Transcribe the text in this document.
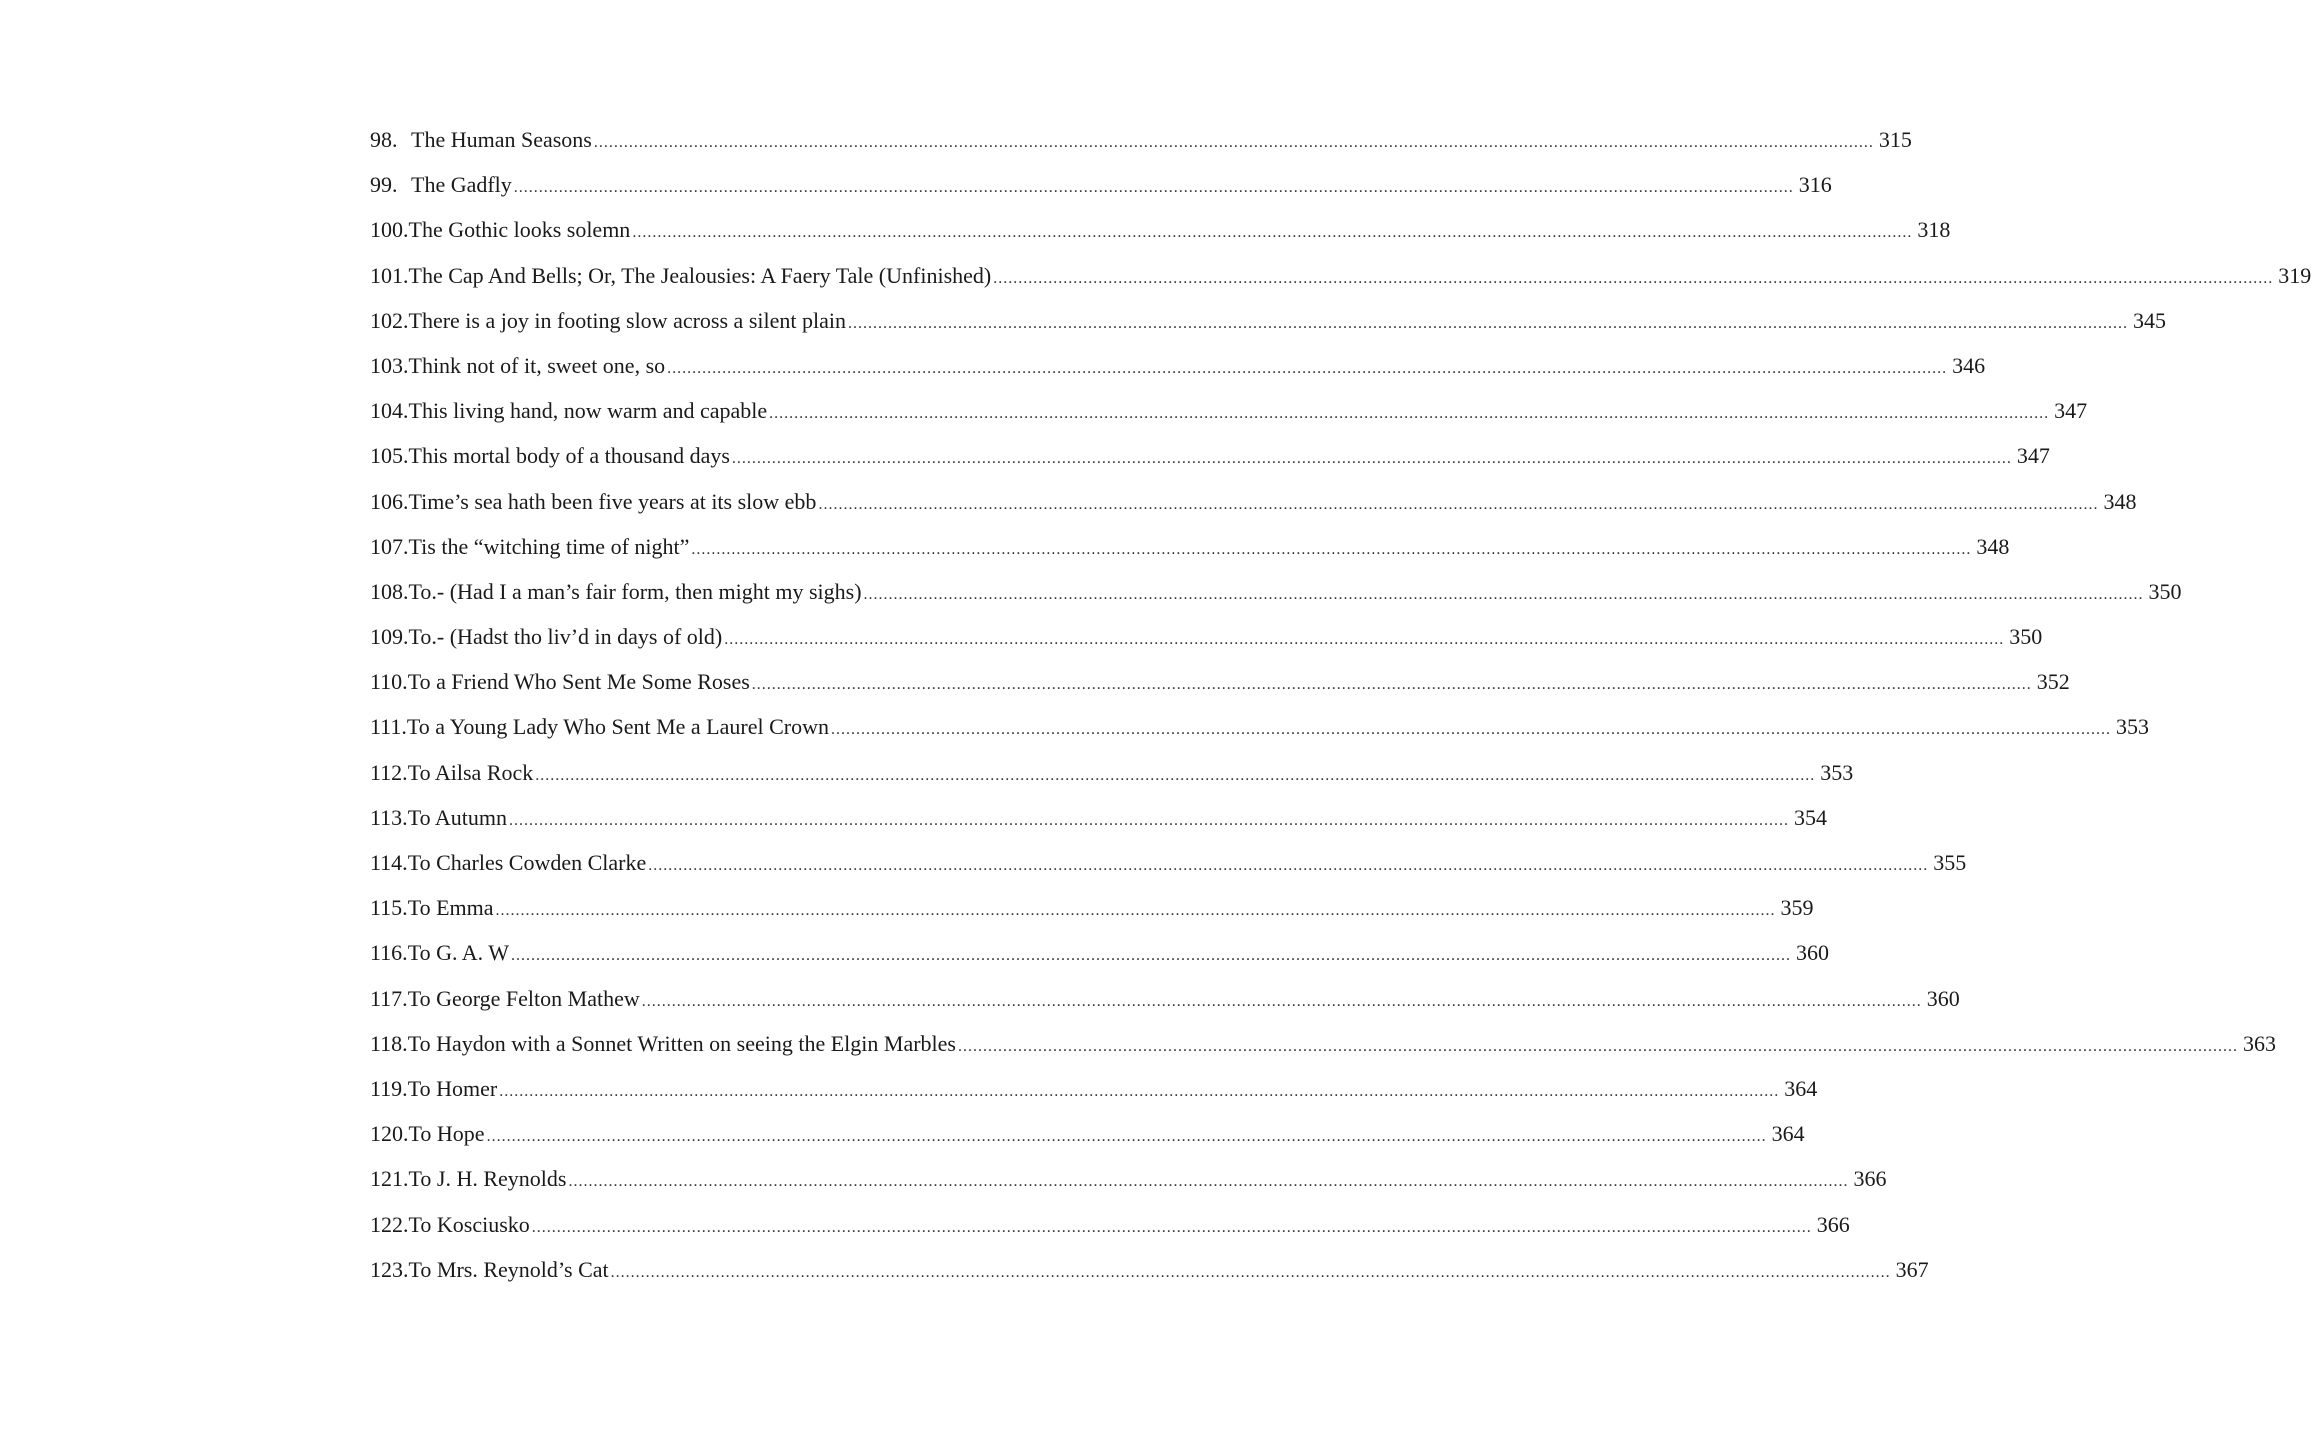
98. The Human Seasons .....	315
99. The Gadfly .....	316
100. The Gothic looks solemn .....	318
101. The Cap And Bells; Or, The Jealousies: A Faery Tale (Unfinished) .....	319
102. There is a joy in footing slow across a silent plain .....	345
103. Think not of it, sweet one, so .....	346
104. This living hand, now warm and capable .....	347
105. This mortal body of a thousand days .....	347
106. Time’s sea hath been five years at its slow ebb .....	348
107. Tis the “witching time of night” .....	348
108. To.- (Had I a man’s fair form, then might my sighs) .....	350
109. To.- (Hadst tho liv’d in days of old) .....	350
110. To a Friend Who Sent Me Some Roses .....	352
111. To a Young Lady Who Sent Me a Laurel Crown .....	353
112. To Ailsa Rock .....	353
113. To Autumn .....	354
114. To Charles Cowden Clarke .....	355
115. To Emma .....	359
116. To G. A. W .....	360
117. To George Felton Mathew .....	360
118. To Haydon with a Sonnet Written on seeing the Elgin Marbles .....	363
119. To Homer .....	364
120. To Hope .....	364
121. To J. H. Reynolds .....	366
122. To Kosciusko .....	366
123. To Mrs. Reynold’s Cat .....	367
